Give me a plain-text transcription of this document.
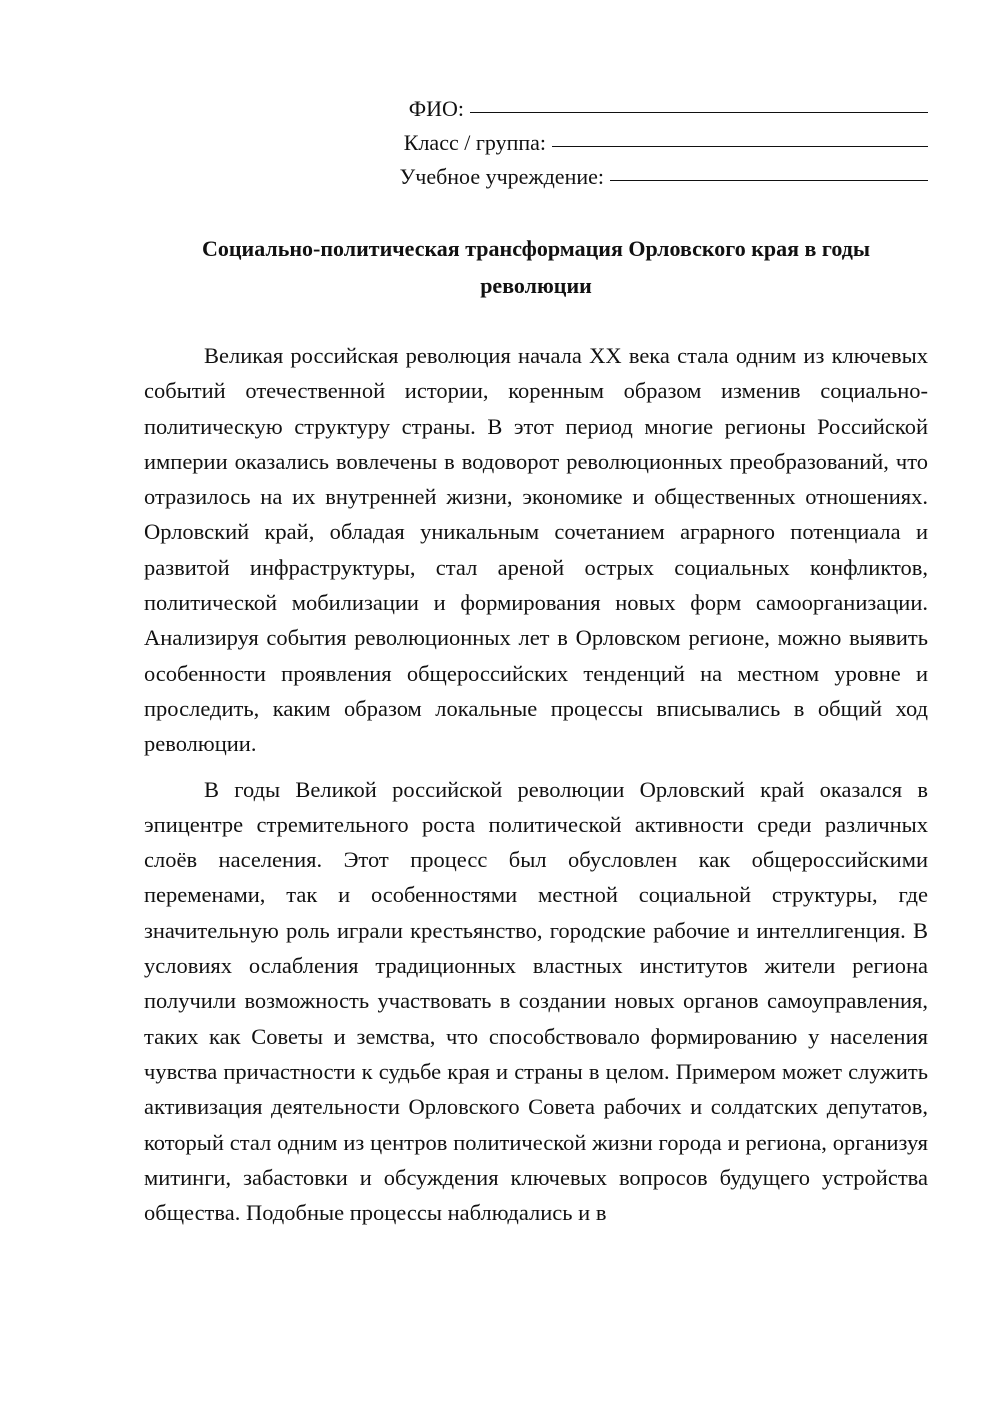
ФИО:
Класс / группа:
Учебное учреждение:
Социально-политическая трансформация Орловского края в годы
революции

Великая российская революция начала XX века стала одним из ключевых событий отечественной истории, коренным образом изменив социально-политическую структуру страны. В этот период многие регионы Российской империи оказались вовлечены в водоворот революционных преобразований, что отразилось на их внутренней жизни, экономике и общественных отношениях. Орловский край, обладая уникальным сочетанием аграрного потенциала и развитой инфраструктуры, стал ареной острых социальных конфликтов, политической мобилизации и формирования новых форм самоорганизации. Анализируя события революционных лет в Орловском регионе, можно выявить особенности проявления общероссийских тенденций на местном уровне и проследить, каким образом локальные процессы вписывались в общий ход революции.

В годы Великой российской революции Орловский край оказался в эпицентре стремительного роста политической активности среди различных слоёв населения. Этот процесс был обусловлен как общероссийскими переменами, так и особенностями местной социальной структуры, где значительную роль играли крестьянство, городские рабочие и интеллигенция. В условиях ослабления традиционных властных институтов жители региона получили возможность участвовать в создании новых органов самоуправления, таких как Советы и земства, что способствовало формированию у населения чувства причастности к судьбе края и страны в целом. Примером может служить активизация деятельности Орловского Совета рабочих и солдатских депутатов, который стал одним из центров политической жизни города и региона, организуя митинги, забастовки и обсуждения ключевых вопросов будущего устройства общества. Подобные процессы наблюдались и в
